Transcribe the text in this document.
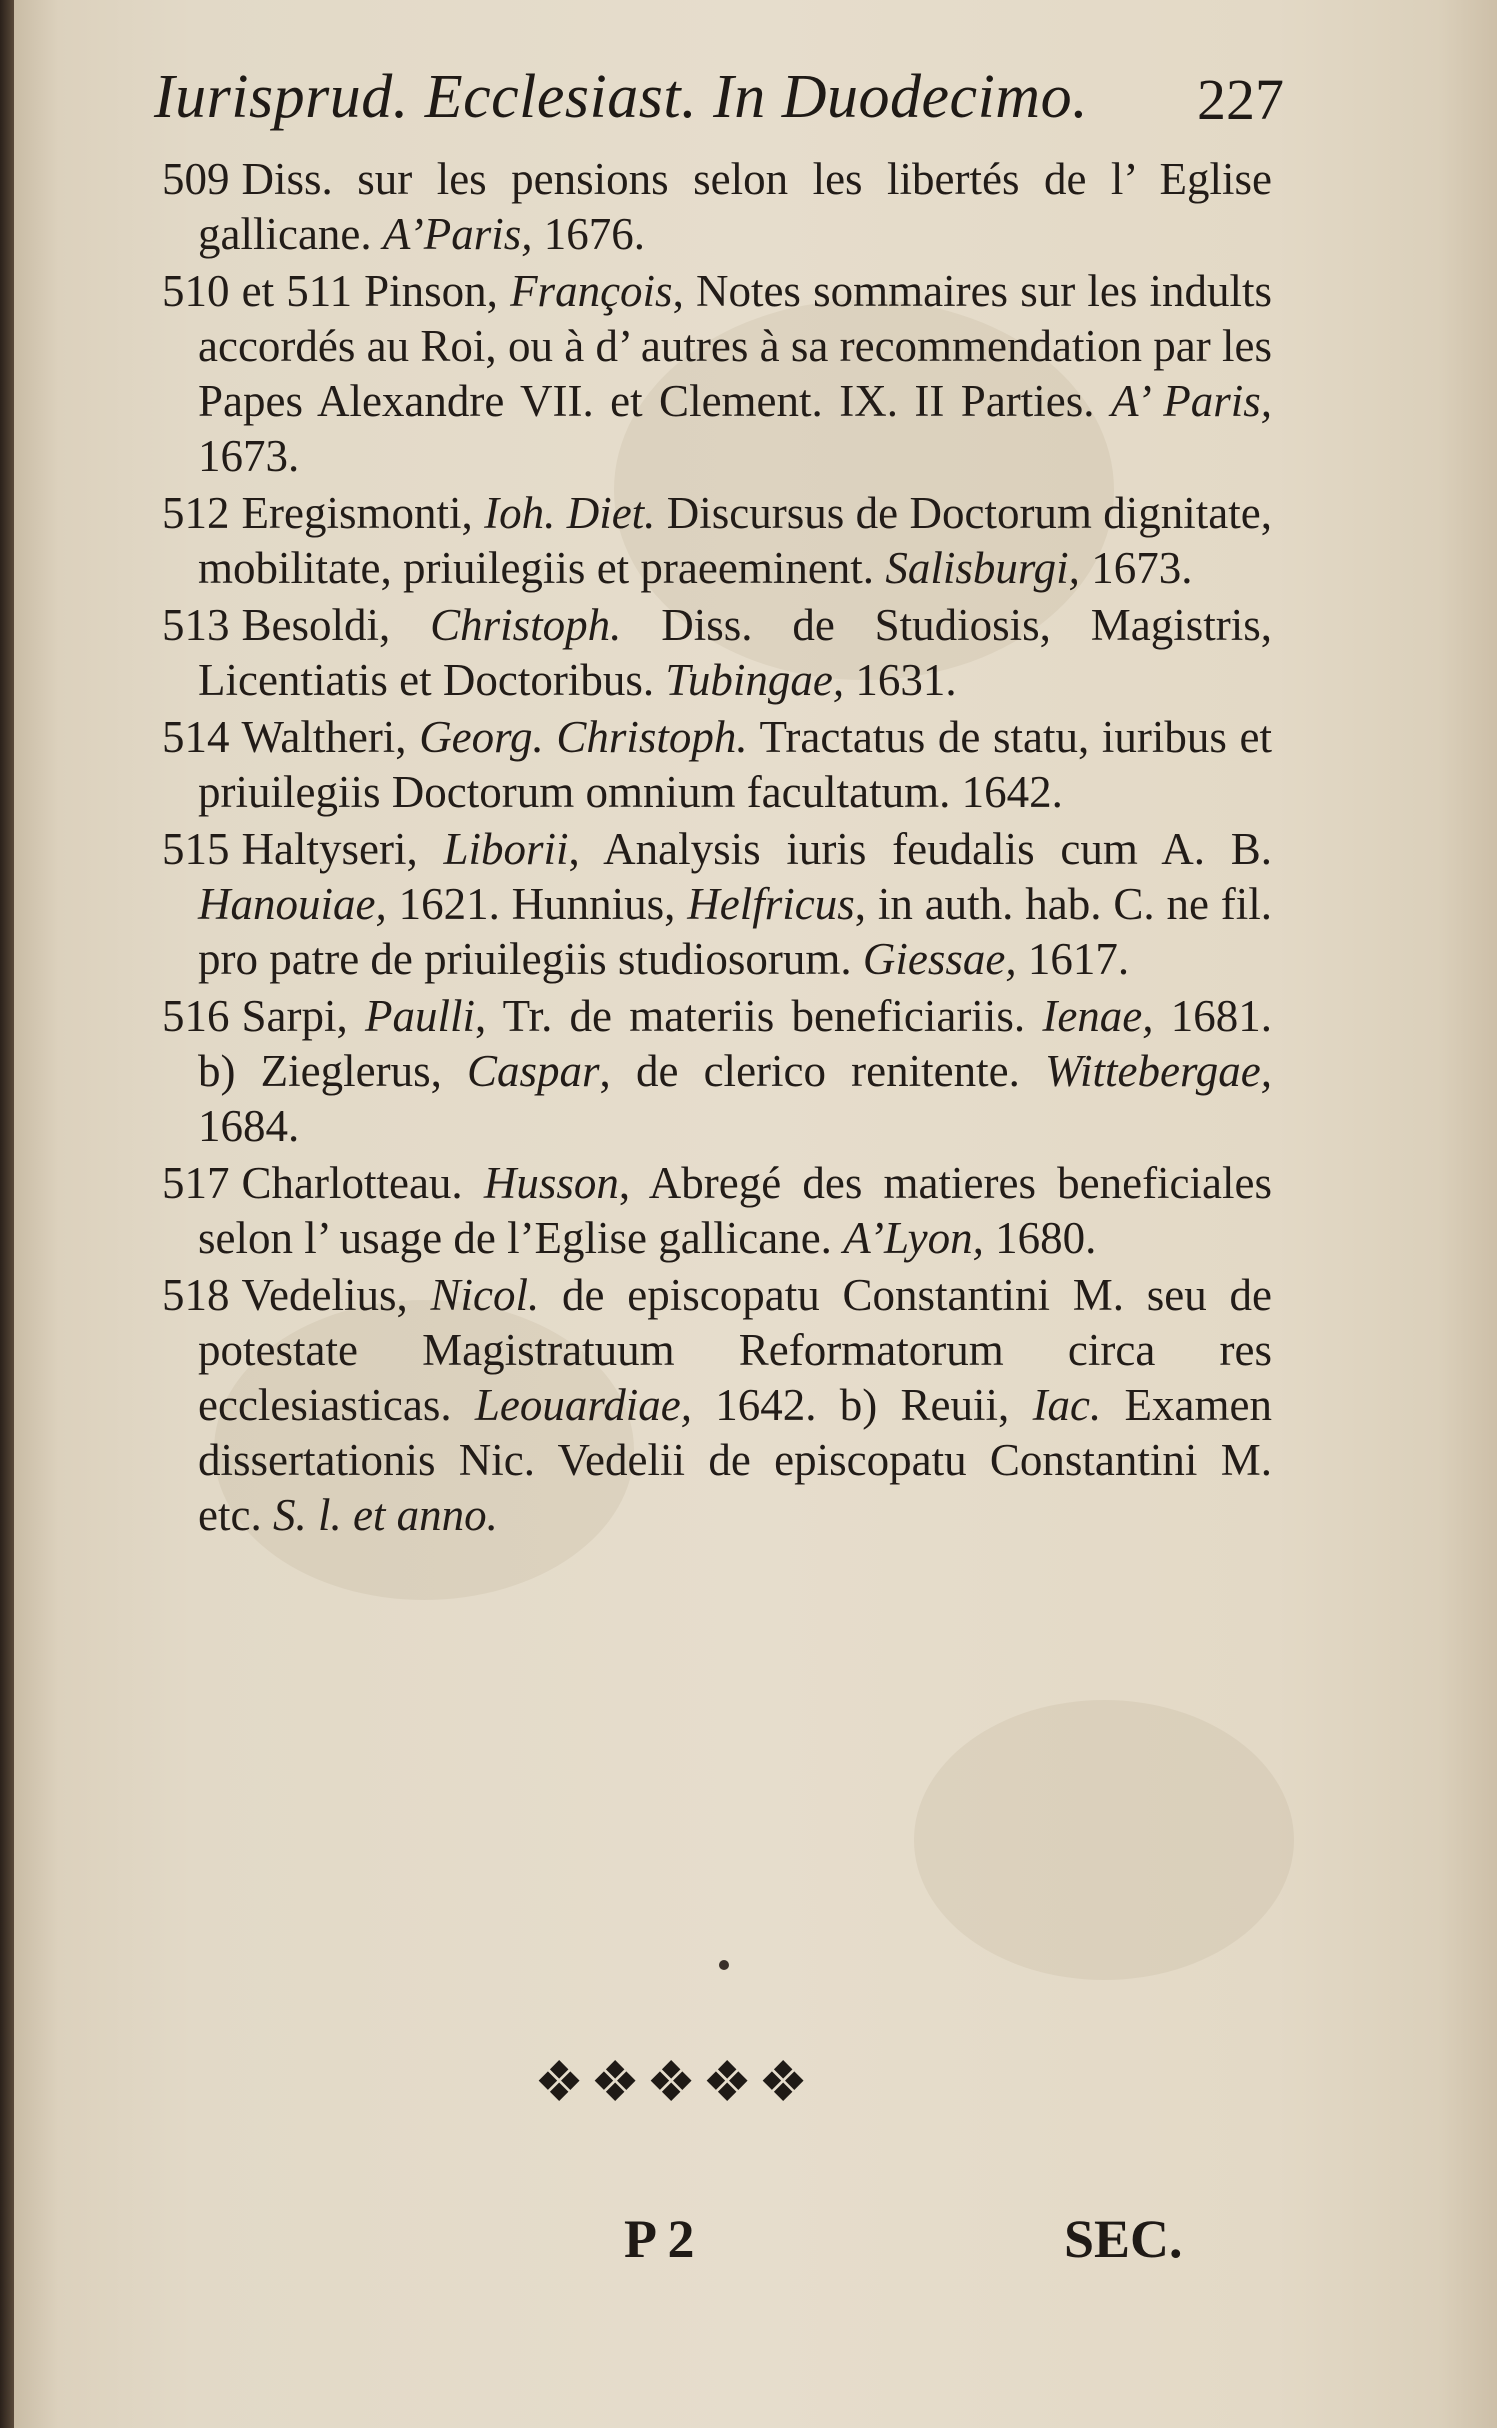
Iurisprud. Ecclesiast. In Duodecimo. 227

509 Diss. sur les pensions selon les libertés de l’ Eglise gallicane. A’Paris, 1676.

510 et 511 Pinson, François, Notes sommaires sur les indults accordés au Roi, ou à d’ autres à sa recommendation par les Papes Alexandre VII. et Clement. IX. II Parties. A’ Paris, 1673.

512 Eregismonti, Ioh. Diet. Discursus de Doctorum dignitate, mobilitate, priuilegiis et praeeminent. Salisburgi, 1673.

513 Besoldi, Christoph. Diss. de Studiosis, Magistris, Licentiatis et Doctoribus. Tubingae, 1631.

514 Waltheri, Georg. Christoph. Tractatus de statu, iuribus et priuilegiis Doctorum omnium facultatum. 1642.

515 Haltyseri, Liborii, Analysis iuris feudalis cum A. B. Hanouiae, 1621. Hunnius, Helfricus, in auth. hab. C. ne fil. pro patre de priuilegiis studiosorum. Giessae, 1617.

516 Sarpi, Paulli, Tr. de materiis beneficiariis. Ienae, 1681. b) Zieglerus, Caspar, de clerico renitente. Wittebergae, 1684.

517 Charlotteau. Husson, Abregé des matieres beneficiales selon l’ usage de l’Eglise gallicane. A’Lyon, 1680.

518 Vedelius, Nicol. de episcopatu Constantini M. seu de potestate Magistratuum Reformatorum circa res ecclesiasticas. Leouardiae, 1642. b) Reuii, Iac. Examen dissertationis Nic. Vedelii de episcopatu Constantini M. etc. S. l. et anno.

❖ ❖ ❖ ❖ ❖
P 2	SEC.
